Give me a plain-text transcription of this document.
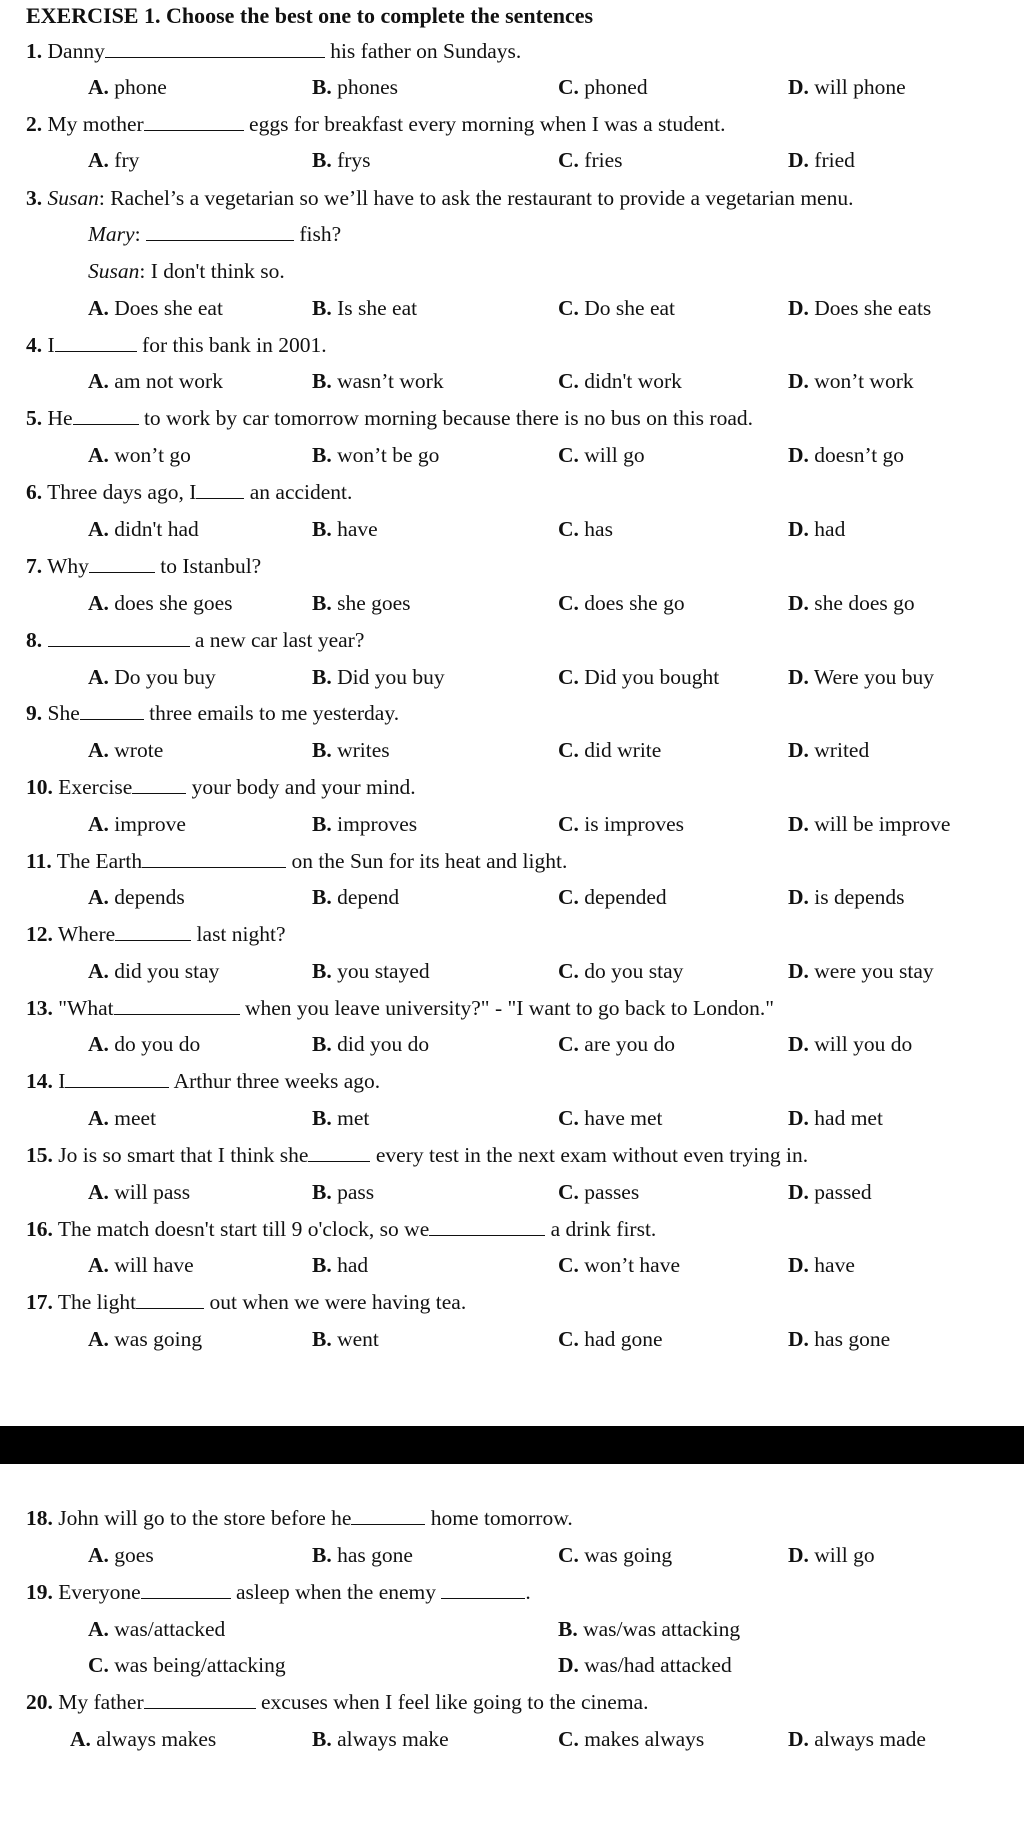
EXERCISE 1. Choose the best one to complete the sentences
1. Danny	his father on Sundays.
A. phone	B. phones	C. phoned	D. will phone
2. My mother	eggs for breakfast every morning when I was a student.
A. fry	B. frys	C. fries	D. fried
3. Susan: Rachel’s a vegetarian so we’ll have to ask the restaurant to provide a vegetarian menu.
Mary:	fish?
Susan: I don't think so.
A. Does she eat	B. Is she eat	C. Do she eat	D. Does she eats
4. I	for this bank in 2001.
A. am not work	B. wasn’t work	C. didn't work	D. won’t work
5. He	to work by car tomorrow morning because there is no bus on this road.
A. won’t go	B. won’t be go	C. will go	D. doesn’t go
6. Three days ago, I an accident.
A. didn't had	B. have	C. has	D. had
7. Why	to Istanbul?
A. does she goes	B. she goes	C. does she go	D. she does go
8.	a new car last year?
A. Do you buy	B. Did you buy	C. Did you bought	D. Were you buy
9. She	three emails to me yesterday.
A. wrote	B. writes	C. did write	D. writed
10. Exercise	your body and your mind.
A. improve	B. improves	C. is improves	D. will be improve
11. The Earth	on the Sun for its heat and light.
A. depends	B. depend	C. depended	D. is depends
12. Where	last night?
A. did you stay	B. you stayed	C. do you stay	D. were you stay
13. "What	when you leave university?" - "I want to go back to London."
A. do you do	B. did you do	C. are you do	D. will you do
14. I	Arthur three weeks ago.
A. meet	B. met	C. have met	D. had met
15. Jo is so smart that I think she	every test in the next exam without even trying in.
A. will pass	B. pass	C. passes	D. passed
16. The match doesn't start till 9 o'clock, so we	a drink first.
A. will have	B. had	C. won’t have	D. have
17. The light	out when we were having tea.
A. was going	B. went	C. had gone	D. has gone
18. John will go to the store before he	home tomorrow.
A. goes	B. has gone	C. was going	D. will go
19. Everyone	asleep when the enemy	.
A. was/attacked	B. was/was attacking
C. was being/attacking	D. was/had attacked
20. My father	excuses when I feel like going to the cinema.
A. always makes	B. always make	C. makes always	D. always made
